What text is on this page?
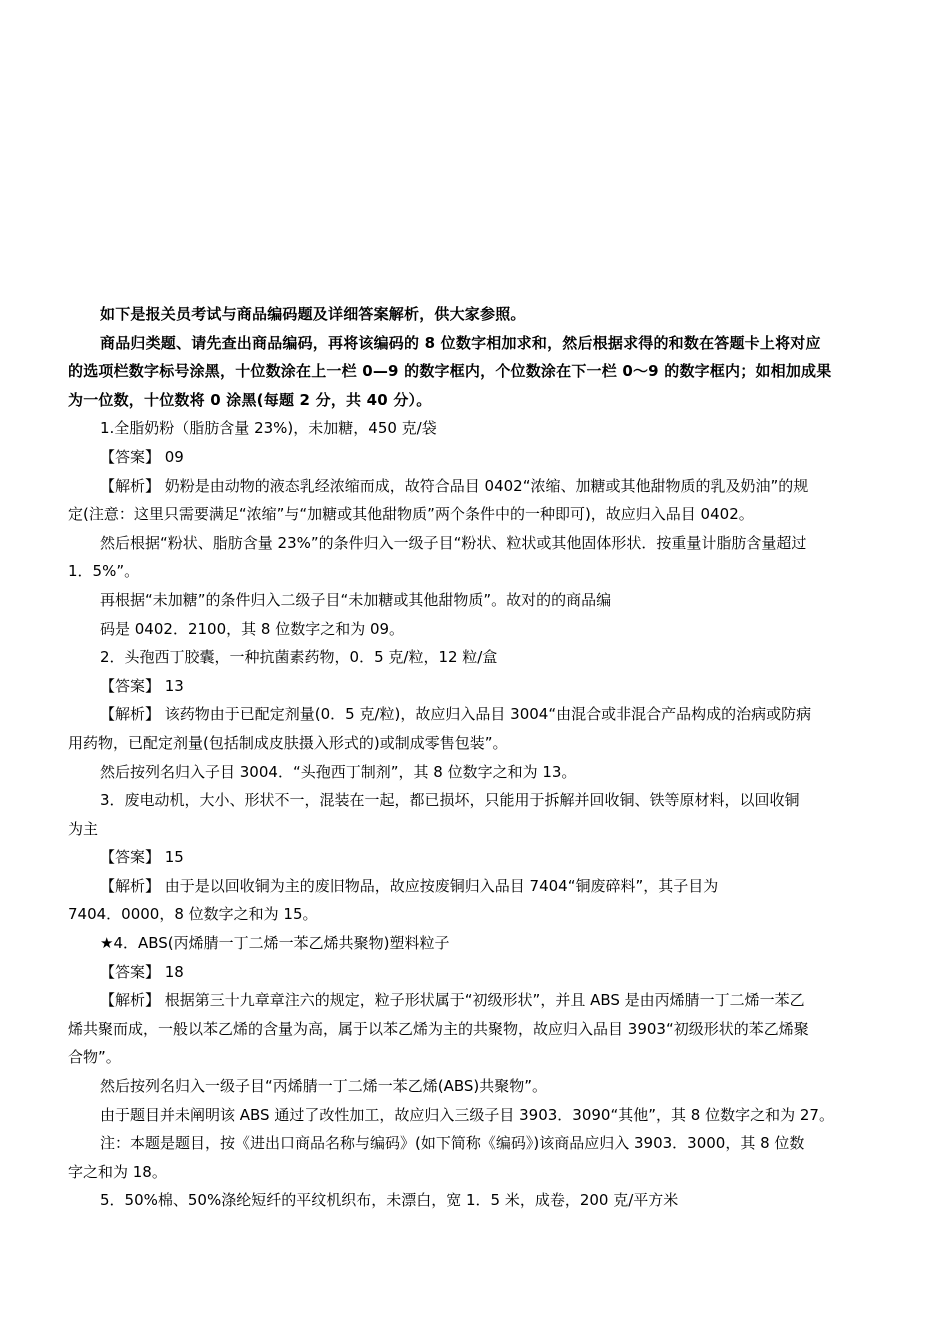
如下是报关员考试与商品编码题及详细答案解析，供大家参照。
商品归类题、请先查出商品编码，再将该编码的 8 位数字相加求和，然后根据求得的和数在答题卡上将对应
的选项栏数字标号涂黑，十位数涂在上一栏 0—9 的数字框内，个位数涂在下一栏 0～9 的数字框内；如相加成果
为一位数，十位数将 0 涂黑(每题 2 分，共 40 分）。
1.全脂奶粉（脂肪含量 23%)，未加糖，450 克/袋
【答案】 09
【解析】 奶粉是由动物的液态乳经浓缩而成，故符合品目 0402“浓缩、加糖或其他甜物质的乳及奶油”的规
定(注意：这里只需要满足“浓缩”与“加糖或其他甜物质”两个条件中的一种即可)，故应归入品目 0402。
然后根据“粉状、脂肪含量 23%”的条件归入一级子目“粉状、粒状或其他固体形状．按重量计脂肪含量超过
1．5%”。
再根据“未加糖”的条件归入二级子目“未加糖或其他甜物质”。故对的的商品编
码是 0402．2100，其 8 位数字之和为 09。
2．头孢西丁胶囊，一种抗菌素药物，0．5 克/粒，12 粒/盒
【答案】 13
【解析】 该药物由于已配定剂量(0．5 克/粒)，故应归入品目 3004“由混合或非混合产品构成的治病或防病
用药物，已配定剂量(包括制成皮肤摄入形式的)或制成零售包装”。
然后按列名归入子目 3004．“头孢西丁制剂”，其 8 位数字之和为 13。
3．废电动机，大小、形状不一，混装在一起，都已损坏，只能用于拆解并回收铜、铁等原材料，以回收铜
为主
【答案】 15
【解析】 由于是以回收铜为主的废旧物品，故应按废铜归入品目 7404“铜废碎料”，其子目为
7404．0000，8 位数字之和为 15。
★4．ABS(丙烯腈一丁二烯一苯乙烯共聚物)塑料粒子
【答案】 18
【解析】 根据第三十九章章注六的规定，粒子形状属于“初级形状”，并且 ABS 是由丙烯腈一丁二烯一苯乙
烯共聚而成，一般以苯乙烯的含量为高，属于以苯乙烯为主的共聚物，故应归入品目 3903“初级形状的苯乙烯聚
合物”。
然后按列名归入一级子目“丙烯腈一丁二烯一苯乙烯(ABS)共聚物”。
由于题目并未阐明该 ABS 通过了改性加工，故应归入三级子目 3903．3090“其他”，其 8 位数字之和为 27。
注：本题是题目，按《进出口商品名称与编码》(如下简称《编码》)该商品应归入 3903．3000，其 8 位数
字之和为 18。
5．50%棉、50%涤纶短纤的平纹机织布，未漂白，宽 1．5 米，成卷，200 克/平方米
